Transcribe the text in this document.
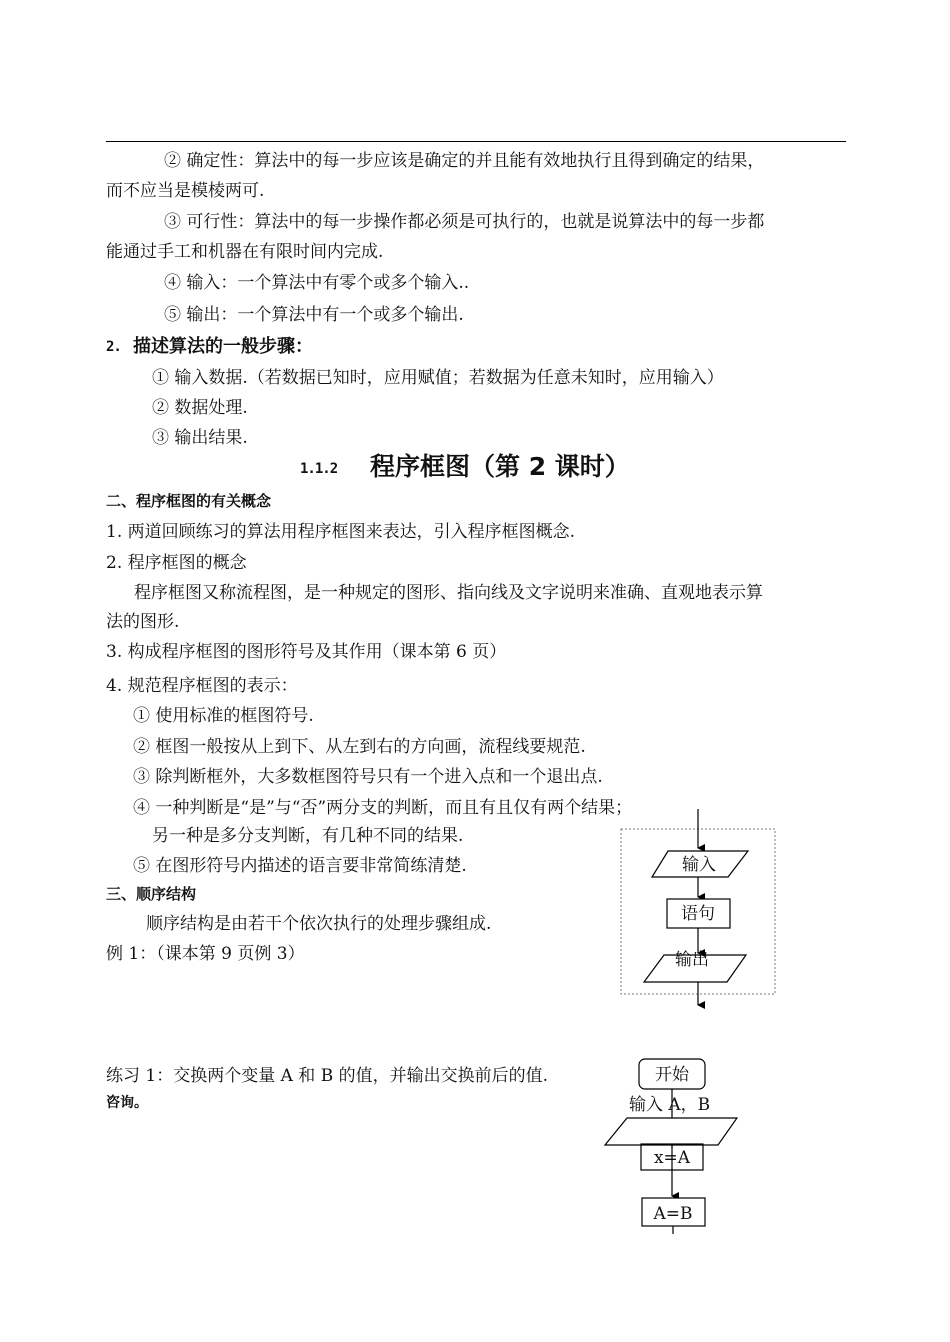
② 确定性：算法中的每一步应该是确定的并且能有效地执行且得到确定的结果，
而不应当是模棱两可.
③ 可行性：算法中的每一步操作都必须是可执行的，也就是说算法中的每一步都
能通过手工和机器在有限时间内完成.
④ 输入：一个算法中有零个或多个输入..
⑤ 输出：一个算法中有一个或多个输出.
2. 描述算法的一般步骤：
① 输入数据.（若数据已知时，应用赋值；若数据为任意未知时，应用输入）
② 数据处理.
③ 输出结果.
1.1.2 程序框图（第 2 课时）
二、程序框图的有关概念
1. 两道回顾练习的算法用程序框图来表达，引入程序框图概念.
2. 程序框图的概念
程序框图又称流程图，是一种规定的图形、指向线及文字说明来准确、直观地表示算
法的图形.
3. 构成程序框图的图形符号及其作用（课本第 6 页）
4. 规范程序框图的表示：
① 使用标准的框图符号.
② 框图一般按从上到下、从左到右的方向画，流程线要规范.
③ 除判断框外，大多数框图符号只有一个进入点和一个退出点.
④ 一种判断是“是”与“否”两分支的判断，而且有且仅有两个结果；
另一种是多分支判断，有几种不同的结果.
⑤ 在图形符号内描述的语言要非常简练清楚.
三、顺序结构
顺序结构是由若干个依次执行的处理步骤组成.
例 1：（课本第 9 页例 3）
练习 1：交换两个变量 A 和 B 的值，并输出交换前后的值.
咨询。
输入
语句
输出
开始
输入 A，B
x=A
A=B
